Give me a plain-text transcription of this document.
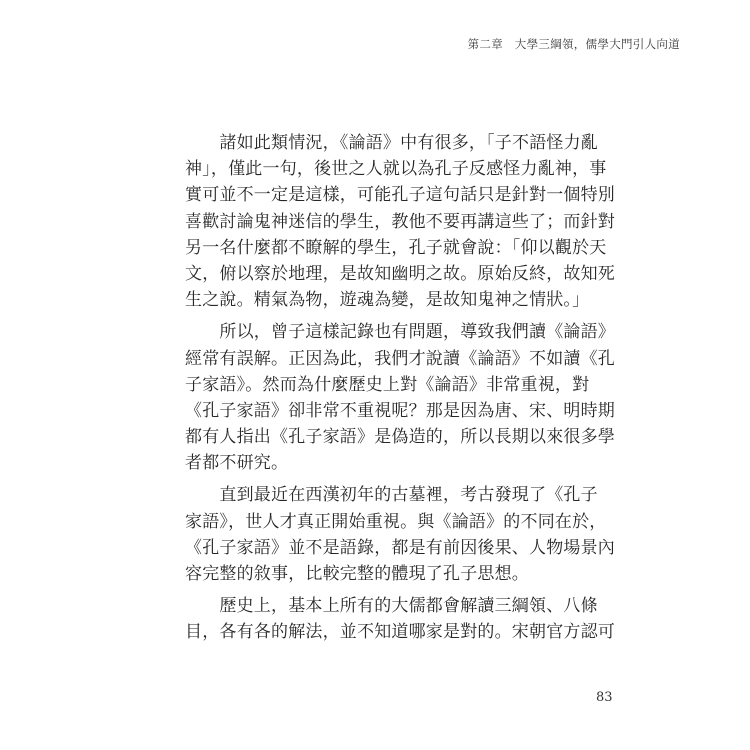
第二章　大學三綱領，儒學大門引人向道
　　諸如此類情況，《論語》中有很多，「子不語怪力亂
神」，僅此一句，後世之人就以為孔子反感怪力亂神，事
實可並不一定是這樣，可能孔子這句話只是針對一個特別
喜歡討論鬼神迷信的學生，教他不要再講這些了；而針對
另一名什麼都不瞭解的學生，孔子就會說：「仰以觀於天
文，俯以察於地理，是故知幽明之故。原始反終，故知死
生之說。精氣為物，遊魂為變，是故知鬼神之情狀。」
　　所以，曾子這樣記錄也有問題，導致我們讀《論語》
經常有誤解。正因為此，我們才說讀《論語》不如讀《孔
子家語》。然而為什麼歷史上對《論語》非常重視，對
《孔子家語》卻非常不重視呢？那是因為唐、宋、明時期
都有人指出《孔子家語》是偽造的，所以長期以來很多學
者都不研究。
　　直到最近在西漢初年的古墓裡，考古發現了《孔子
家語》，世人才真正開始重視。與《論語》的不同在於，
《孔子家語》並不是語錄，都是有前因後果、人物場景內
容完整的敘事，比較完整的體現了孔子思想。
　　歷史上，基本上所有的大儒都會解讀三綱領、八條
目，各有各的解法，並不知道哪家是對的。宋朝官方認可
83
